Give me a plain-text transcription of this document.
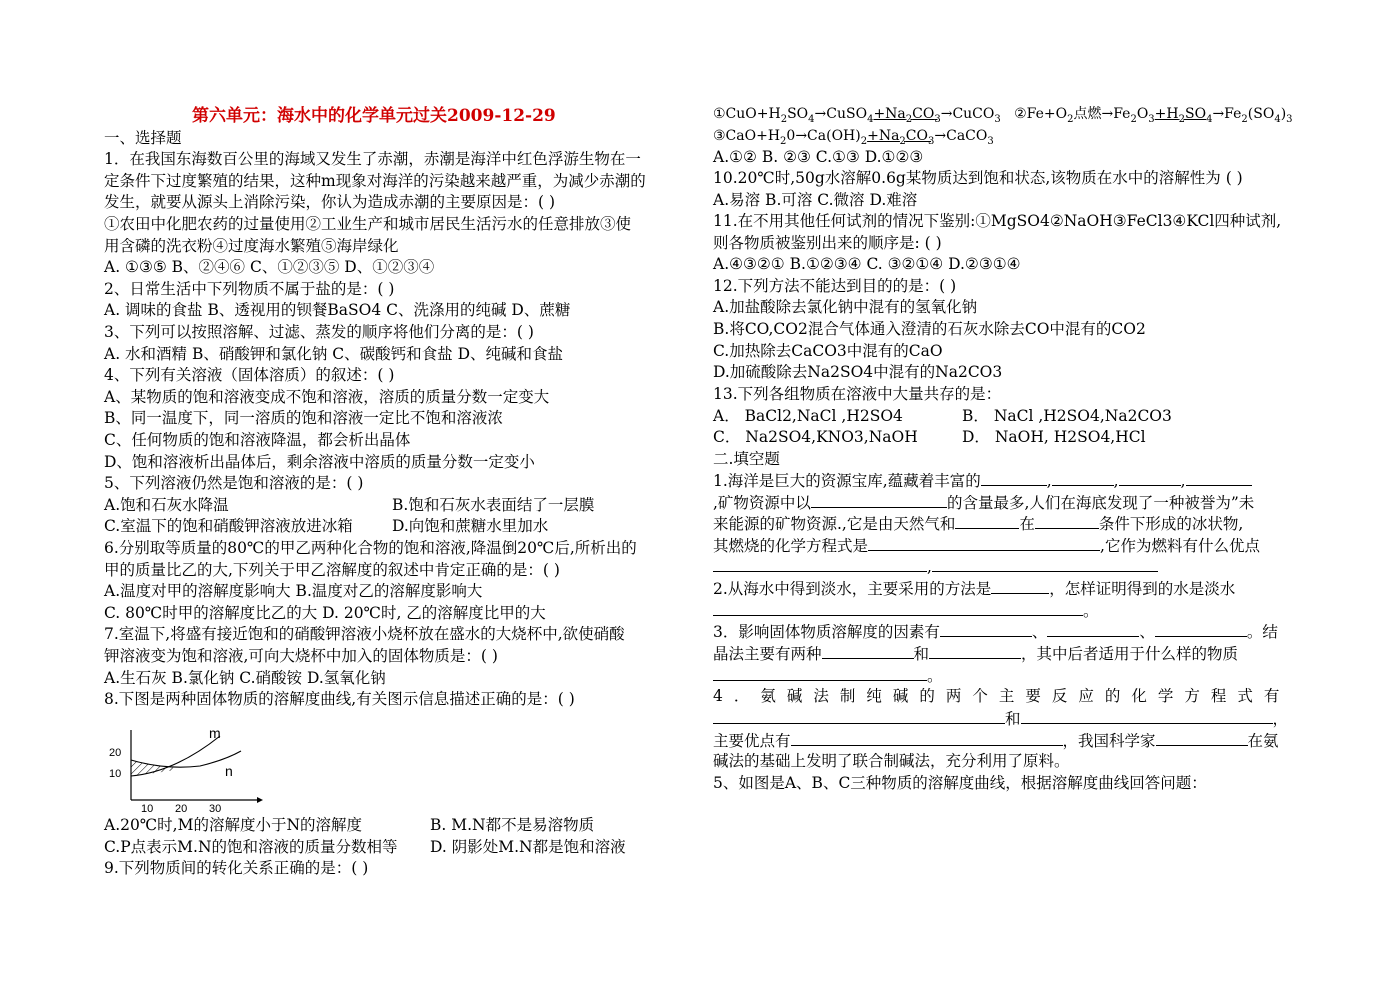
第六单元：海水中的化学单元过关2009-12-29
一、选择题
1．在我国东海数百公里的海域又发生了赤潮，赤潮是海洋中红色浮游生物在一
定条件下过度繁殖的结果，这种m现象对海洋的污染越来越严重，为减少赤潮的
发生，就要从源头上消除污染，你认为造成赤潮的主要原因是：( )
①农田中化肥农药的过量使用②工业生产和城市居民生活污水的任意排放③使
用含磷的洗衣粉④过度海水繁殖⑤海岸绿化
A. ①③⑤ B、②④⑥ C、①②③⑤ D、①②③④
2、日常生活中下列物质不属于盐的是：( )
A. 调味的食盐 B、透视用的钡餐BaSO4 C、洗涤用的纯碱 D、蔗糖
3、下列可以按照溶解、过滤、蒸发的顺序将他们分离的是：( )
A. 水和酒精 B、硝酸钾和氯化钠 C、碳酸钙和食盐 D、纯碱和食盐
4、下列有关溶液（固体溶质）的叙述：( )
A、某物质的饱和溶液变成不饱和溶液，溶质的质量分数一定变大
B、同一温度下，同一溶质的饱和溶液一定比不饱和溶液浓
C、任何物质的饱和溶液降温，都会析出晶体
D、饱和溶液析出晶体后，剩余溶液中溶质的质量分数一定变小
5、下列溶液仍然是饱和溶液的是：( )
A.饱和石灰水降温	B.饱和石灰水表面结了一层膜
C.室温下的饱和硝酸钾溶液放进冰箱	D.向饱和蔗糖水里加水
6.分别取等质量的80℃的甲乙两种化合物的饱和溶液,降温倒20℃后,所析出的
甲的质量比乙的大,下列关于甲乙溶解度的叙述中肯定正确的是：( )
A.温度对甲的溶解度影响大 B.温度对乙的溶解度影响大
C. 80℃时甲的溶解度比乙的大 D. 20℃时, 乙的溶解度比甲的大
7.室温下,将盛有接近饱和的硝酸钾溶液小烧杯放在盛水的大烧杯中,欲使硝酸
钾溶液变为饱和溶液,可向大烧杯中加入的固体物质是：( )
A.生石灰 B.氯化钠 C.硝酸铵 D.氢氧化钠
8.下图是两种固体物质的溶解度曲线,有关图示信息描述正确的是：( )
20
10
10 20 30
m
n
A.20℃时,M的溶解度小于N的溶解度	B. M.N都不是易溶物质
C.P点表示M.N的饱和溶液的质量分数相等 D. 阴影处M.N都是饱和溶液
9.下列物质间的转化关系正确的是：( )
$①CuO+H_2SO_4\to CuSO_4+Na_2CO_3\to CuCO_3$   $②Fe+O_2$点燃$\to Fe_2O_3+H_2SO_4\to Fe_2(SO_4)_3$
$③CaO+H_20\to Ca(OH)_2+Na_2CO_3\to CaCO_3$
A.①② B. ②③ C.①③ D.①②③
10.20℃时,50g水溶解0.6g某物质达到饱和状态,该物质在水中的溶解性为 ( )
A.易溶 B.可溶 C.微溶 D.难溶
11.在不用其他任何试剂的情况下鉴别:①MgSO4②NaOH③FeCl3④KCl四种试剂,
则各物质被鉴别出来的顺序是: ( )
A.④③②① B.①②③④ C. ③②①④ D.②③①④
12.下列方法不能达到目的的是：( )
A.加盐酸除去氯化钠中混有的氢氧化钠
B.将CO,CO2混合气体通入澄清的石灰水除去CO中混有的CO2
C.加热除去CaCO3中混有的CaO
D.加硫酸除去Na2SO4中混有的Na2CO3
13.下列各组物质在溶液中大量共存的是：
A． BaCl2,NaCl ,H2SO4	B． NaCl ,H2SO4,Na2CO3
C． Na2SO4,KNO3,NaOH	D． NaOH, H2SO4,HCl
二.填空题
1.海洋是巨大的资源宝库,蕴藏着丰富的	,	,	,
,矿物资源中以	的含量最多,人们在海底发现了一种被誉为”未
来能源的矿物资源.,它是由天然气和	在	条件下形成的冰状物,
其燃烧的化学方程式是	,它作为燃料有什么优点
,
2.从海水中得到淡水，主要采用的方法是	，怎样证明得到的水是淡水
。
3．影响固体物质溶解度的因素有	、	、	。结
晶法主要有两种	和	，其中后者适用于什么样的物质
。
4．氨碱法制纯碱的两个主要反应的化学方程式有
和	，
主要优点有	，我国科学家	在氨
碱法的基础上发明了联合制碱法，充分利用了原料。
5、如图是A、B、C三种物质的溶解度曲线，根据溶解度曲线回答问题：
